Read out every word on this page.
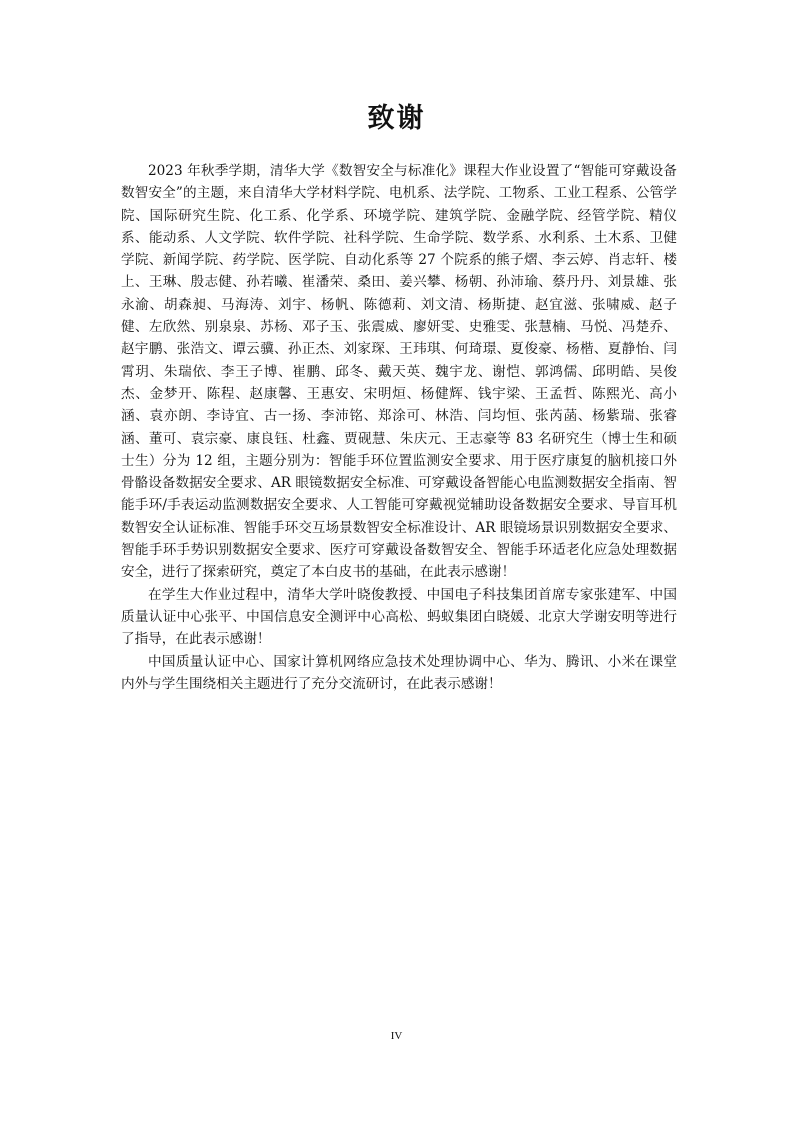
致谢

2023 年秋季学期，清华大学《数智安全与标准化》课程大作业设置了“智能可穿戴设备数智安全”的主题，来自清华大学材料学院、电机系、法学院、工物系、工业工程系、公管学院、国际研究生院、化工系、化学系、环境学院、建筑学院、金融学院、经管学院、精仪系、能动系、人文学院、软件学院、社科学院、生命学院、数学系、水利系、土木系、卫健学院、新闻学院、药学院、医学院、自动化系等 27 个院系的熊子熠、李云婷、肖志轩、楼上、王琳、殷志健、孙若曦、崔潘荣、桑田、姜兴攀、杨朝、孙沛瑜、蔡丹丹、刘景雄、张永渝、胡森昶、马海涛、刘宇、杨帆、陈德莉、刘文清、杨斯捷、赵宜滋、张啸威、赵子健、左欣然、别泉泉、苏杨、邓子玉、张震威、廖妍雯、史雅雯、张慧楠、马悦、冯楚乔、赵宇鹏、张浩文、谭云骥、孙正杰、刘家琛、王玮琪、何琦璟、夏俊豪、杨楷、夏静怡、闫霄玥、朱瑞依、李王子博、崔鹏、邱冬、戴天英、魏宇龙、谢恺、郭鸿儒、邱明皓、吴俊杰、金梦开、陈程、赵康馨、王惠安、宋明烜、杨健辉、钱宇梁、王孟哲、陈熙光、高小涵、袁亦朗、李诗宜、古一扬、李沛铭、郑涂可、林浩、闫均恒、张芮菡、杨紫瑞、张睿涵、董可、袁宗豪、康良钰、杜鑫、贾砚慧、朱庆元、王志豪等 83 名研究生（博士生和硕士生）分为 12 组，主题分别为：智能手环位置监测安全要求、用于医疗康复的脑机接口外骨骼设备数据安全要求、AR 眼镜数据安全标准、可穿戴设备智能心电监测数据安全指南、智能手环/手表运动监测数据安全要求、人工智能可穿戴视觉辅助设备数据安全要求、导盲耳机数智安全认证标准、智能手环交互场景数智安全标准设计、AR 眼镜场景识别数据安全要求、智能手环手势识别数据安全要求、医疗可穿戴设备数智安全、智能手环适老化应急处理数据安全，进行了探索研究，奠定了本白皮书的基础，在此表示感谢！

在学生大作业过程中，清华大学叶晓俊教授、中国电子科技集团首席专家张建军、中国质量认证中心张平、中国信息安全测评中心高松、蚂蚁集团白晓媛、北京大学谢安明等进行了指导，在此表示感谢！

中国质量认证中心、国家计算机网络应急技术处理协调中心、华为、腾讯、小米在课堂内外与学生围绕相关主题进行了充分交流研讨，在此表示感谢！

IV
